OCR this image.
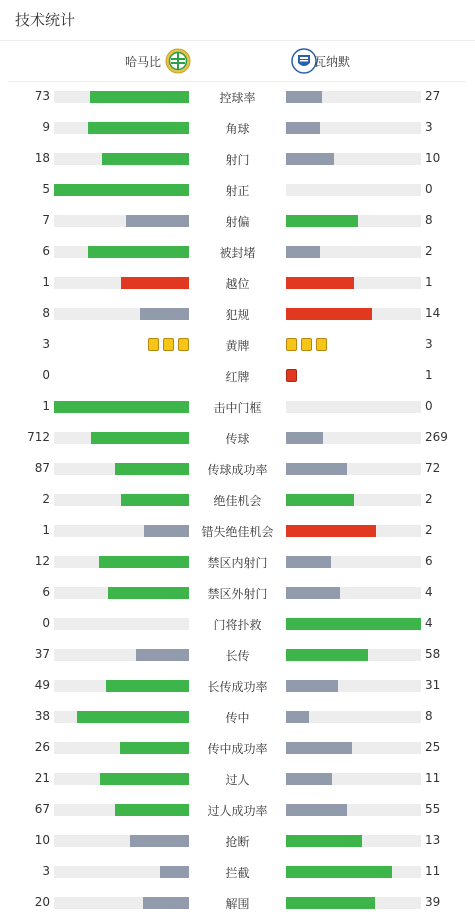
技术统计
哈马比	瓦纳默
73	控球率	27
9	角球	3
18	射门	10
5	射正	0
7	射偏	8
6	被封堵	2
1	越位	1
8	犯规	14
3	黄牌	3
0	红牌	1
1	击中门框	0
712	传球	269
87	传球成功率	72
2	绝佳机会	2
1	错失绝佳机会	2
12	禁区内射门	6
6	禁区外射门	4
0	门将扑救	4
37	长传	58
49	长传成功率	31
38	传中	8
26	传中成功率	25
21	过人	11
67	过人成功率	55
10	抢断	13
3	拦截	11
20	解围	39
